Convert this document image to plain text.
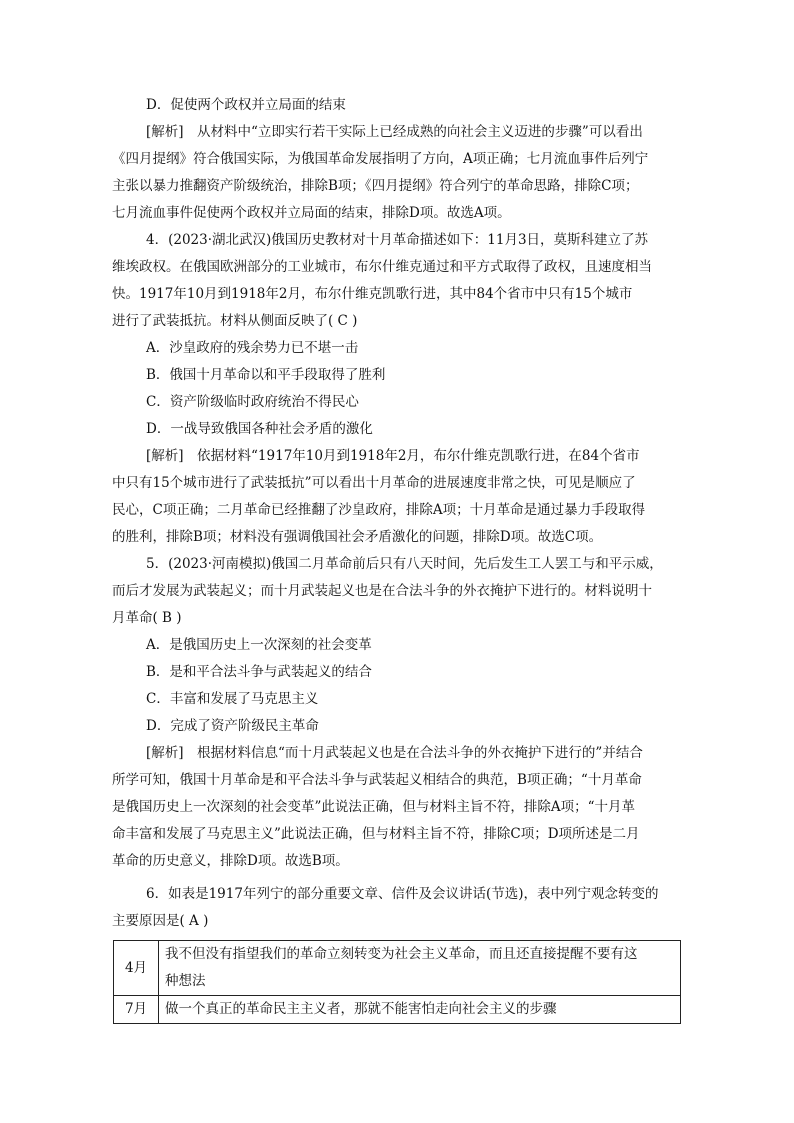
D．促使两个政权并立局面的结束
[解析]　从材料中“立即实行若干实际上已经成熟的向社会主义迈进的步骤”可以看出
《四月提纲》符合俄国实际，为俄国革命发展指明了方向，A项正确；七月流血事件后列宁
主张以暴力推翻资产阶级统治，排除B项；《四月提纲》符合列宁的革命思路，排除C项；
七月流血事件促使两个政权并立局面的结束，排除D项。故选A项。
4．(2023·湖北武汉)俄国历史教材对十月革命描述如下：11月3日，莫斯科建立了苏
维埃政权。在俄国欧洲部分的工业城市，布尔什维克通过和平方式取得了政权，且速度相当
快。1917年10月到1918年2月，布尔什维克凯歌行进，其中84个省市中只有15个城市
进行了武装抵抗。材料从侧面反映了( C )
A．沙皇政府的残余势力已不堪一击
B．俄国十月革命以和平手段取得了胜利
C．资产阶级临时政府统治不得民心
D．一战导致俄国各种社会矛盾的激化
[解析]　依据材料“1917年10月到1918年2月，布尔什维克凯歌行进，在84个省市
中只有15个城市进行了武装抵抗”可以看出十月革命的进展速度非常之快，可见是顺应了
民心，C项正确；二月革命已经推翻了沙皇政府，排除A项；十月革命是通过暴力手段取得
的胜利，排除B项；材料没有强调俄国社会矛盾激化的问题，排除D项。故选C项。
5．(2023·河南模拟)俄国二月革命前后只有八天时间，先后发生工人罢工与和平示威，
而后才发展为武装起义；而十月武装起义也是在合法斗争的外衣掩护下进行的。材料说明十
月革命( B )
A．是俄国历史上一次深刻的社会变革
B．是和平合法斗争与武装起义的结合
C．丰富和发展了马克思主义
D．完成了资产阶级民主革命
[解析]　根据材料信息“而十月武装起义也是在合法斗争的外衣掩护下进行的”并结合
所学可知，俄国十月革命是和平合法斗争与武装起义相结合的典范，B项正确；“十月革命
是俄国历史上一次深刻的社会变革”此说法正确，但与材料主旨不符，排除A项；“十月革
命丰富和发展了马克思主义”此说法正确，但与材料主旨不符，排除C项；D项所述是二月
革命的历史意义，排除D项。故选B项。
6．如表是1917年列宁的部分重要文章、信件及会议讲话(节选)，表中列宁观念转变的
主要原因是( A )
4月	我不但没有指望我们的革命立刻转变为社会主义革命，而且还直接提醒不要有这
种想法

7月	做一个真正的革命民主主义者，那就不能害怕走向社会主义的步骤
